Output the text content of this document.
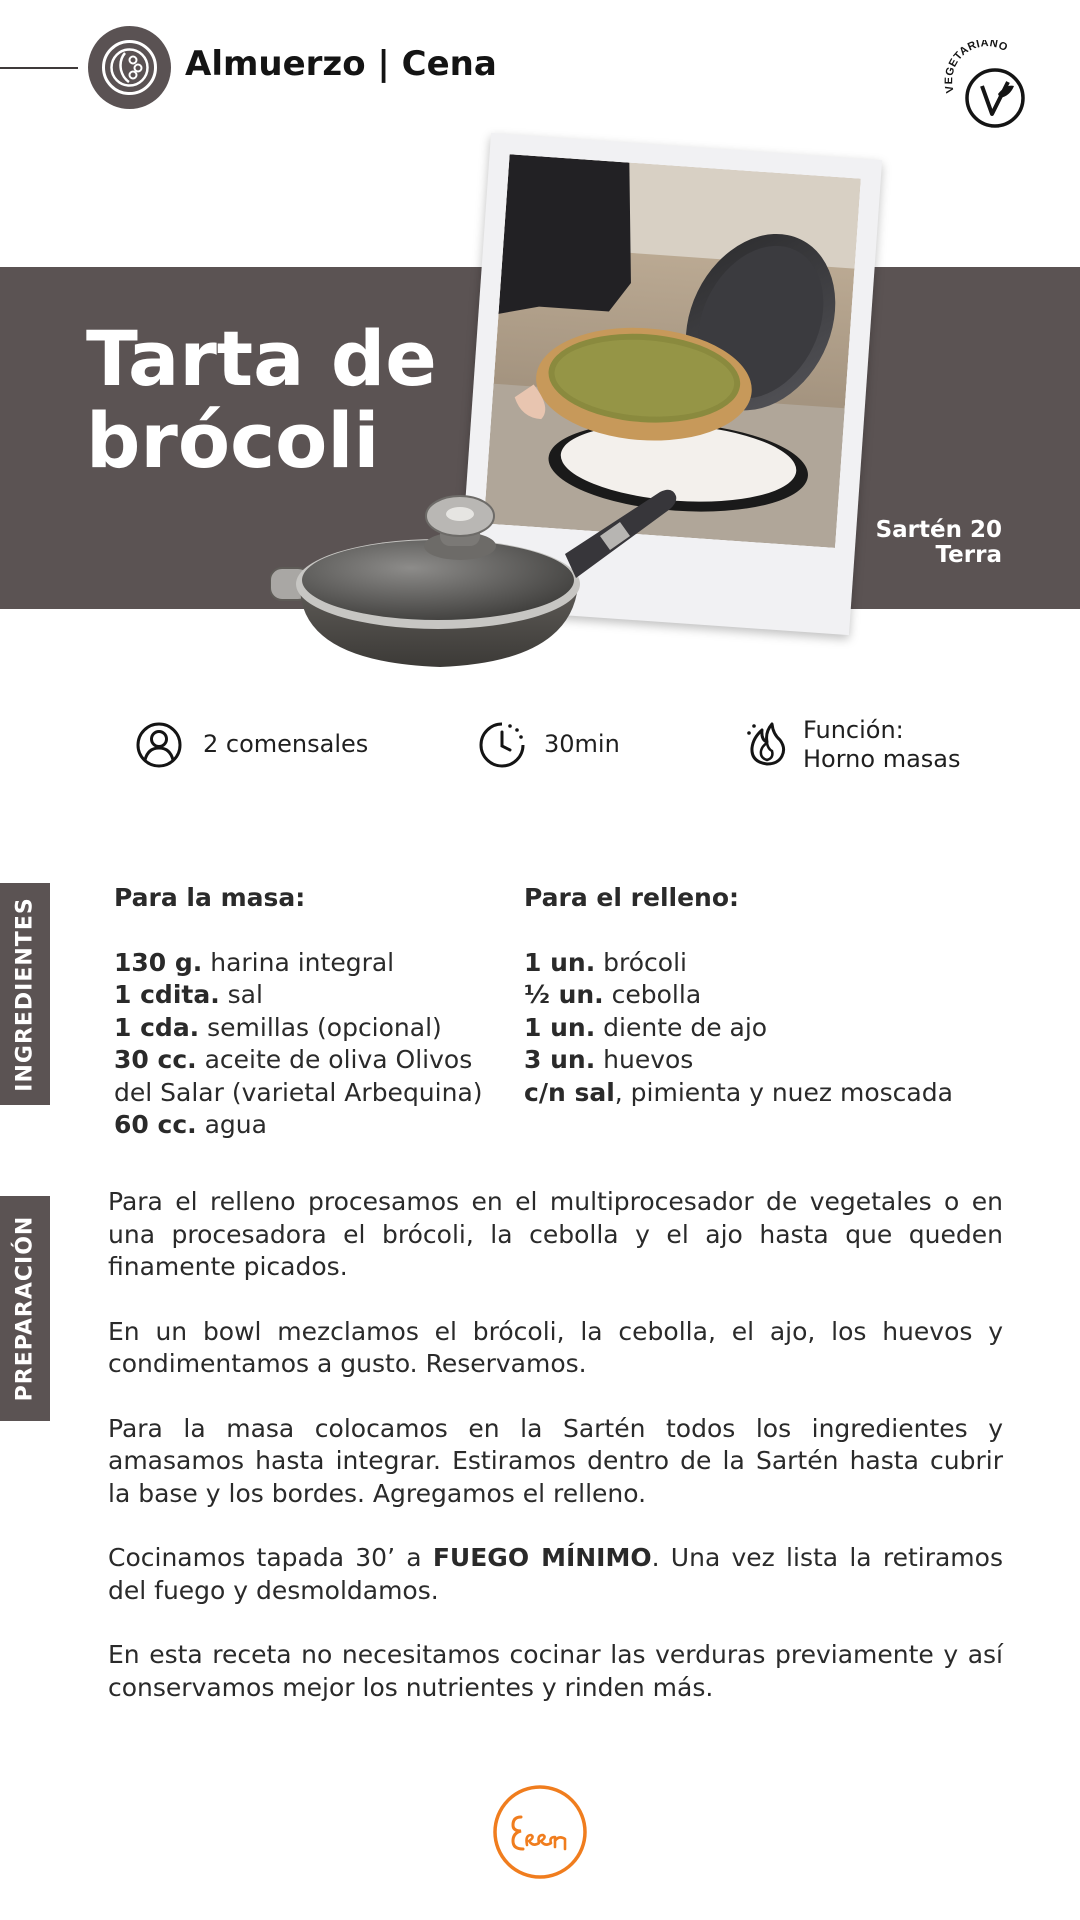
Almuerzo | Cena
VEGETARIANO
Tarta de
brócoli
Sartén 20
Terra
2 comensales	30min	Función:
Horno masas
INGREDIENTES
PREPARACIÓN
Para la masa:
130 g. harina integral
1 cdita. sal
1 cda. semillas (opcional)
30 cc. aceite de oliva Olivos
del Salar (varietal Arbequina)
60 cc. agua
Para el relleno:
1 un. brócoli
½ un. cebolla
1 un. diente de ajo
3 un. huevos
c/n sal, pimienta y nuez moscada

Para el relleno procesamos en el multiprocesador de vegetales o en una procesadora el brócoli, la cebolla y el ajo hasta que queden finamente picados.

En un bowl mezclamos el brócoli, la cebolla, el ajo, los huevos y condimentamos a gusto. Reservamos.

Para la masa colocamos en la Sartén todos los ingredientes y amasamos hasta integrar. Estiramos dentro de la Sartén hasta cubrir la base y los bordes. Agregamos el relleno.

Cocinamos tapada 30’ a FUEGO MÍNIMO. Una vez lista la retiramos del fuego y desmoldamos.

En esta receta no necesitamos cocinar las verduras previamente y así conservamos mejor los nutrientes y rinden más.
